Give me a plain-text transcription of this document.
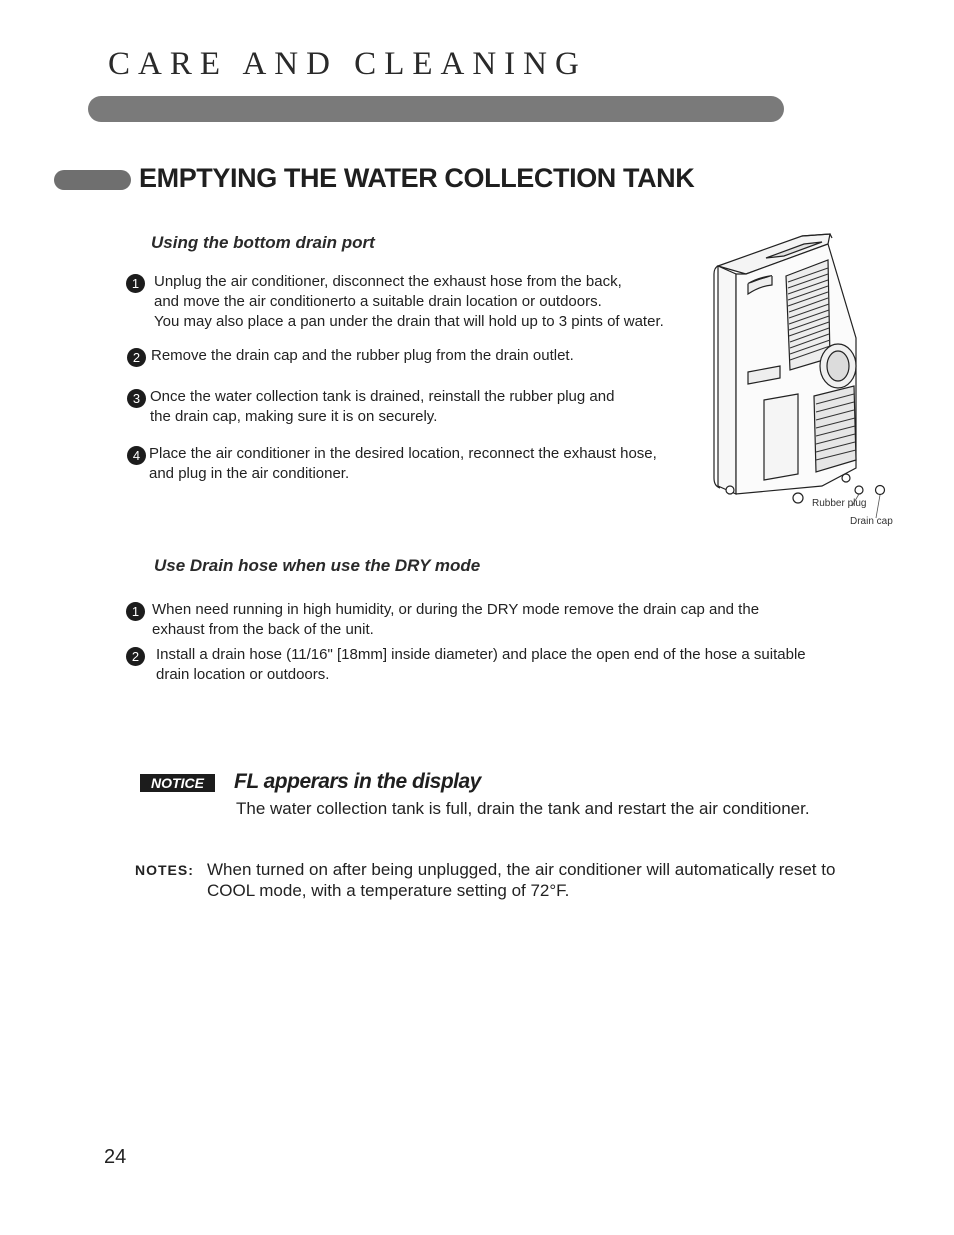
CARE AND CLEANING
EMPTYING THE WATER COLLECTION TANK
Using the bottom drain port
1 Unplug the air conditioner, disconnect the exhaust hose from the back,

and move the air conditionerto a suitable drain location or outdoors.

You may also place a pan under the drain that will hold up to 3 pints of water.

2 Remove the drain cap and the rubber plug from the drain outlet.

3 Once the water collection tank is drained, reinstall the rubber plug and

the drain cap, making sure it is on securely.

4 Place the air conditioner in the desired location, reconnect the exhaust hose,

and plug in the air conditioner.

Rubber plug
Drain cap
Use Drain hose when use the DRY mode
1 When need running in high humidity, or during the DRY mode remove the drain cap and the

exhaust from the back of the unit.

2	Install a drain hose (11/16" [18mm] inside diameter) and place the open end of the hose a suitable

drain location or outdoors.

NOTICE	FL apperars in the display
The water collection tank is full, drain the tank and restart the air conditioner.
NOTES: When turned on after being unplugged, the air conditioner will automatically reset to

COOL mode, with a temperature setting of 72°F.

24
